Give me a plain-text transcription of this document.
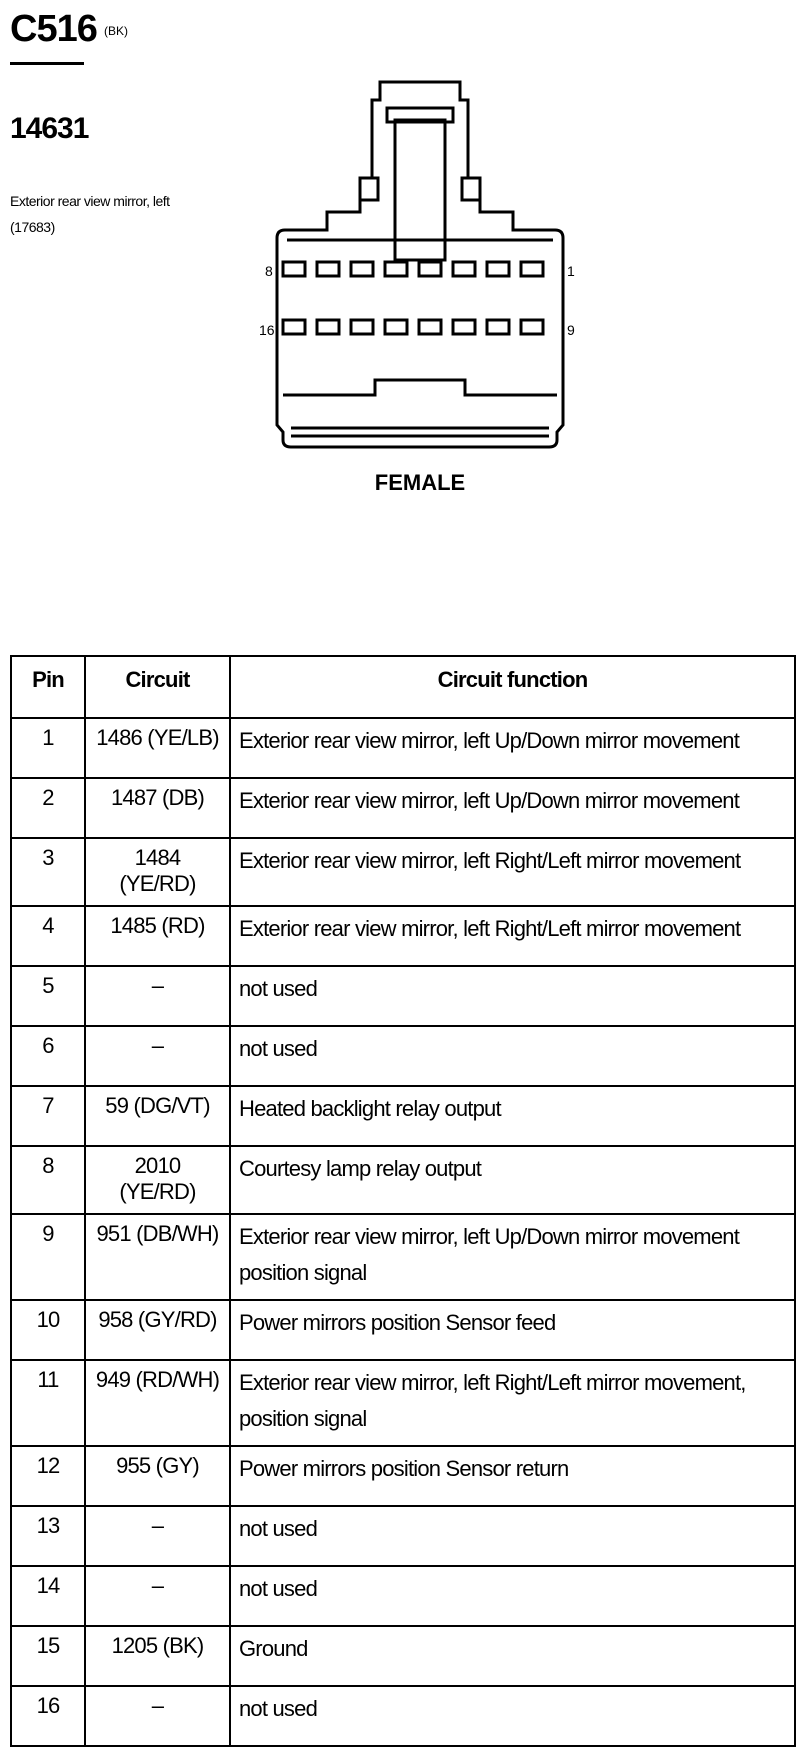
C516 (BK)
14631
Exterior rear view mirror, left (17683)
8	1
16	9
FEMALE
Pin	Circuit	Circuit function
1	1486 (YE/LB)	Exterior rear view mirror, left Up/Down mirror movement
2	1487 (DB)	Exterior rear view mirror, left Up/Down mirror movement
3	1484 (YE/RD)	Exterior rear view mirror, left Right/Left mirror movement
4	1485 (RD)	Exterior rear view mirror, left Right/Left mirror movement
5	–	not used
6	–	not used
7	59 (DG/VT)	Heated backlight relay output
8	2010 (YE/RD)	Courtesy lamp relay output
9	951 (DB/WH)	Exterior rear view mirror, left Up/Down mirror movement position signal
10	958 (GY/RD)	Power mirrors position Sensor feed
11	949 (RD/WH)	Exterior rear view mirror, left Right/Left mirror movement, position signal
12	955 (GY)	Power mirrors position Sensor return
13	–	not used
14	–	not used
15	1205 (BK)	Ground
16	–	not used
